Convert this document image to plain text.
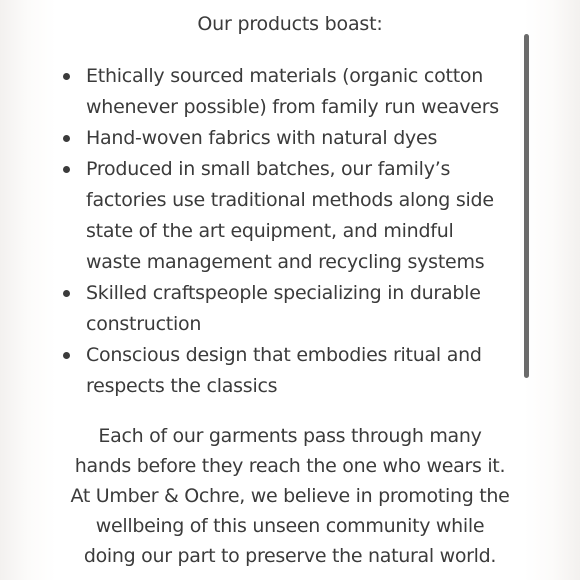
Our products boast:
Ethically sourced materials (organic cotton
whenever possible) from family run weavers
Hand-woven fabrics with natural dyes
Produced in small batches, our family’s
factories use traditional methods along side
state of the art equipment, and mindful
waste management and recycling systems
Skilled craftspeople specializing in durable
construction
Conscious design that embodies ritual and
respects the classics
Each of our garments pass through many
hands before they reach the one who wears it.
At Umber & Ochre, we believe in promoting the
wellbeing of this unseen community while
doing our part to preserve the natural world.
